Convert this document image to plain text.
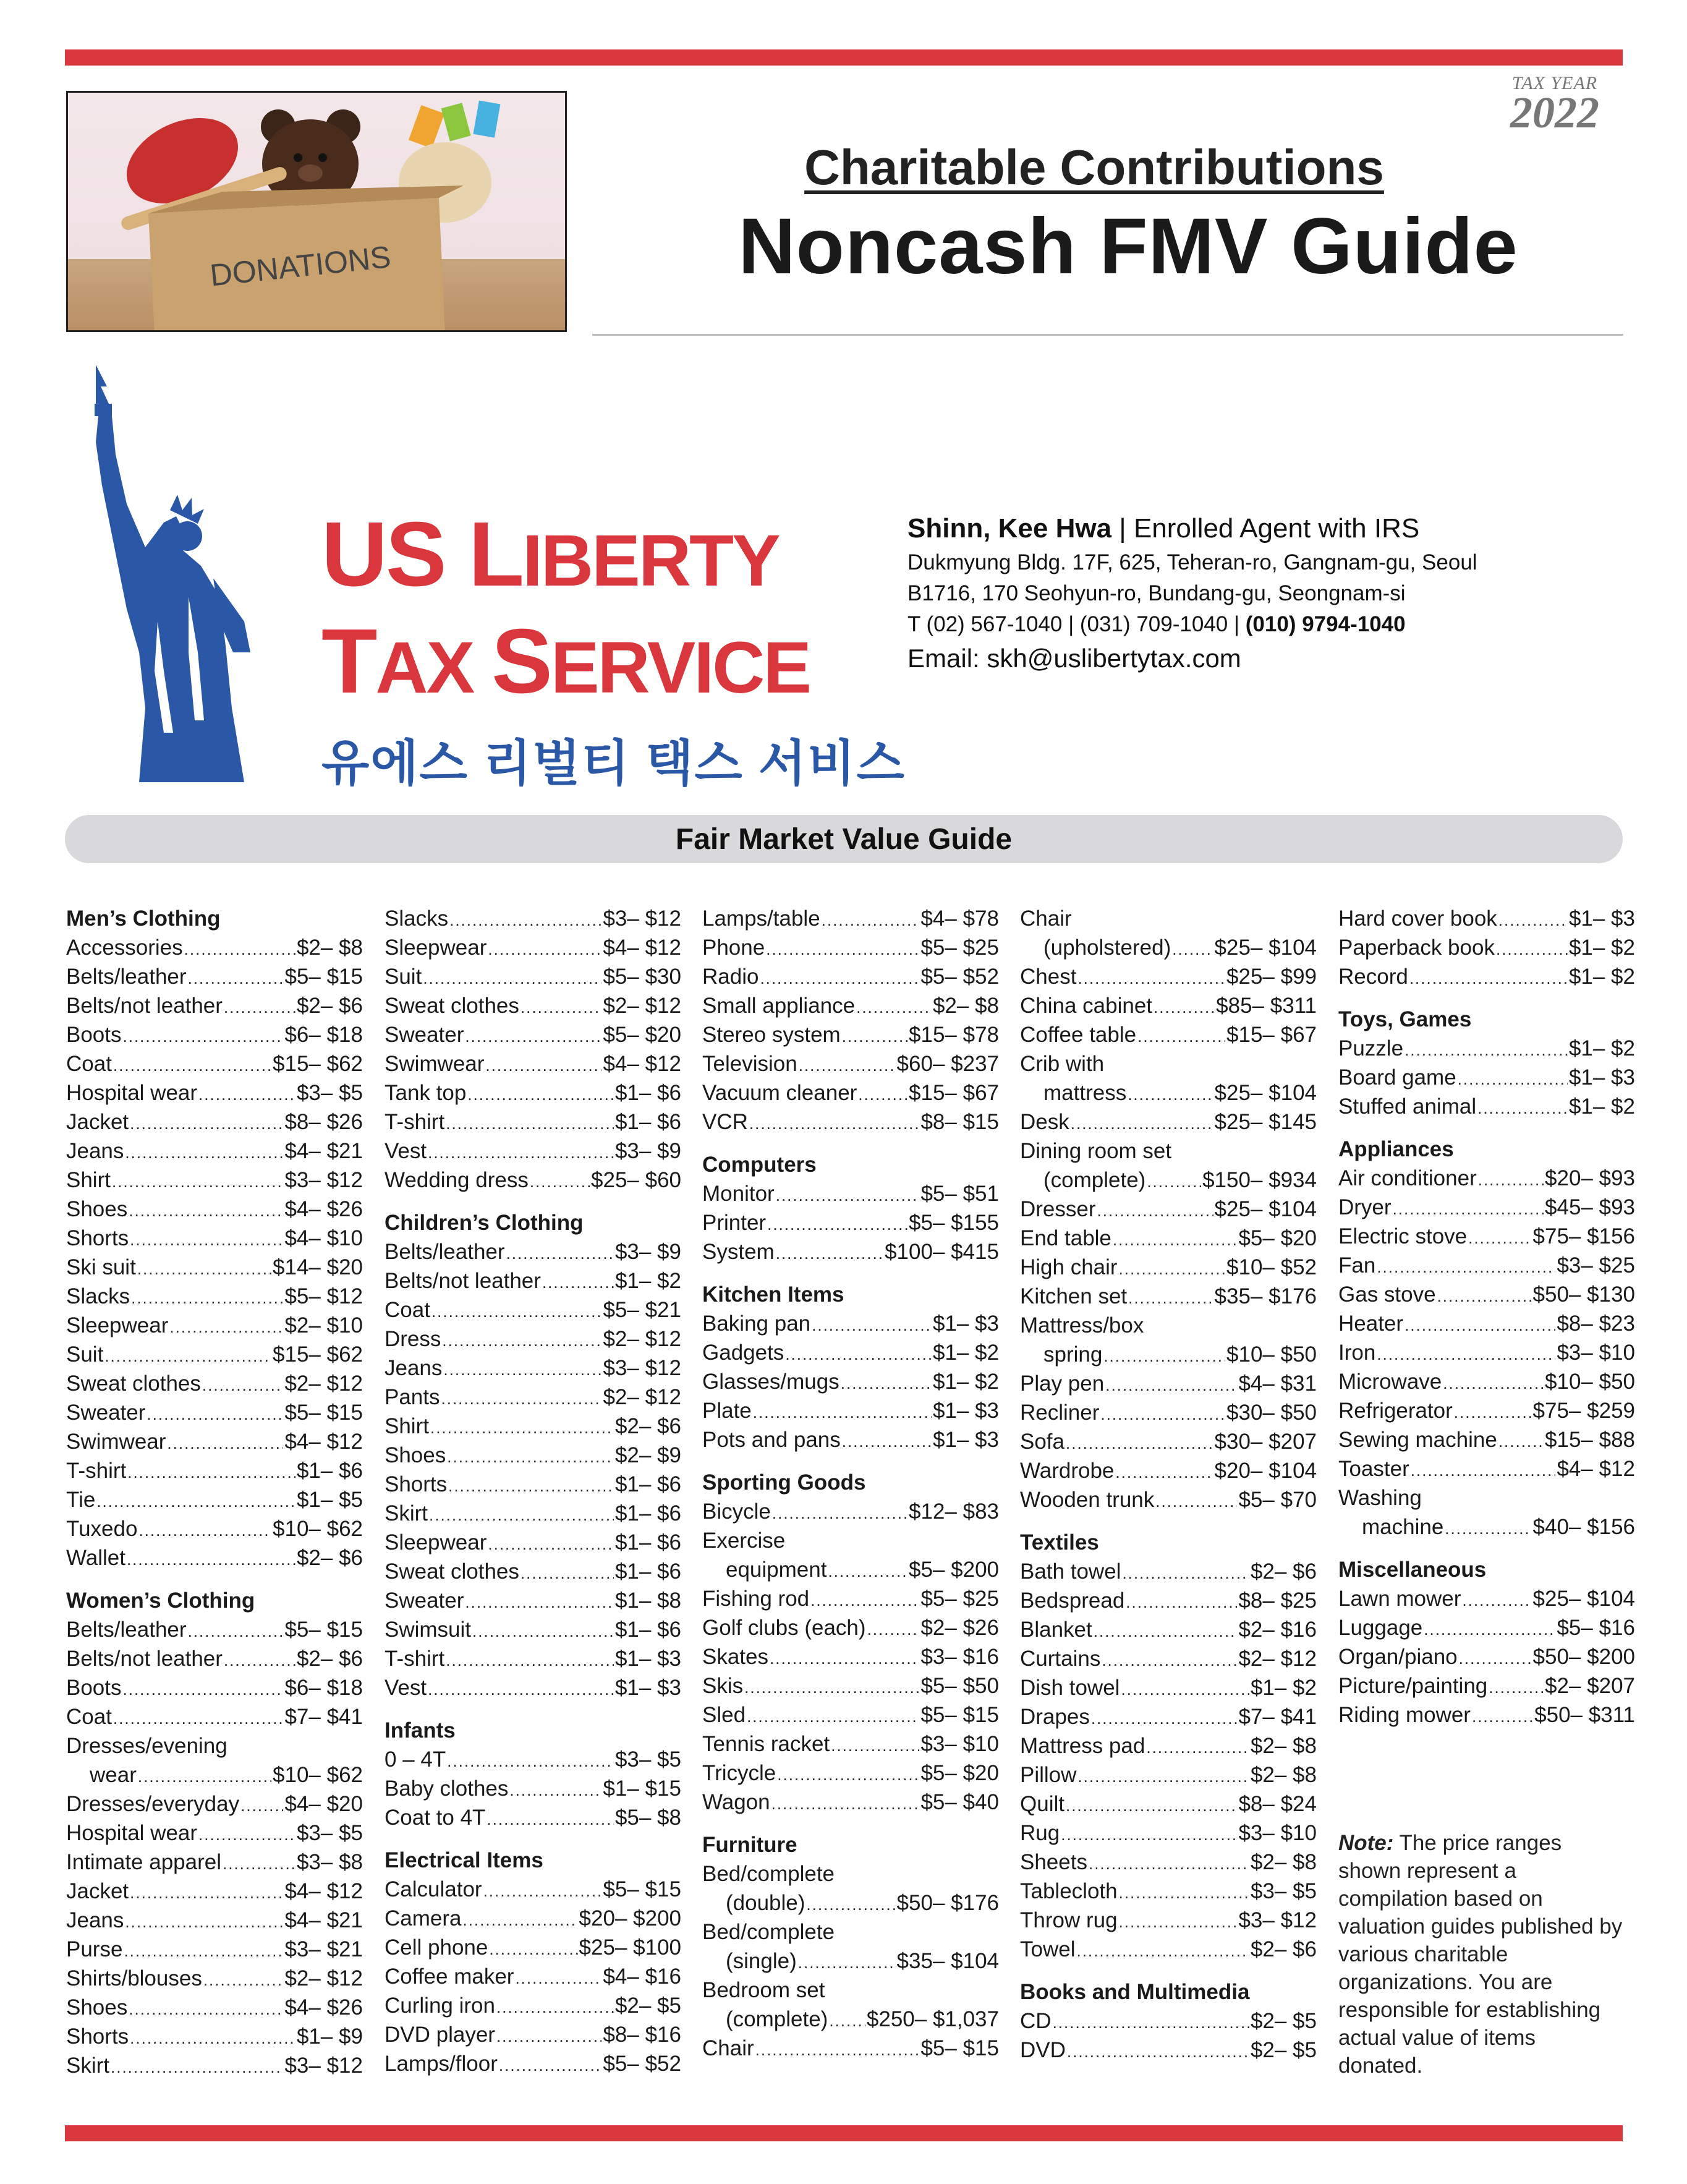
DONATIONS
TAX YEAR
2022
Charitable Contributions
Noncash FMV Guide
US LIBERTY
TAX SERVICE
유에스 리벌티 택스 서비스
Shinn, Kee Hwa | Enrolled Agent with IRS
Dukmyung Bldg. 17F, 625, Teheran-ro, Gangnam-gu, Seoul
B1716, 170 Seohyun-ro, Bundang-gu, Seongnam-si
T (02) 567-1040 | (031) 709-1040 | (010) 9794-1040
Email: skh@uslibertytax.com
Fair Market Value Guide
Men’s Clothing
Accessories .....	$2– $8
Belts/leather .....	$5– $15
Belts/not leather .....	$2– $6
Boots .....	$6– $18
Coat .....	$15– $62
Hospital wear .....	$3– $5
Jacket .....	$8– $26
Jeans .....	$4– $21
Shirt .....	$3– $12
Shoes .....	$4– $26
Shorts .....	$4– $10
Ski suit .....	$14– $20
Slacks .....	$5– $12
Sleepwear .....	$2– $10
Suit .....	$15– $62
Sweat clothes .....	$2– $12
Sweater .....	$5– $15
Swimwear .....	$4– $12
T-shirt .....	$1– $6
Tie .....	$1– $5
Tuxedo .....	$10– $62
Wallet .....	$2– $6
Women’s Clothing
Belts/leather .....	$5– $15
Belts/not leather .....	$2– $6
Boots .....	$6– $18
Coat .....	$7– $41
Dresses/evening
wear .....	$10– $62
Dresses/everyday ..... $4– $20
Hospital wear .....	$3– $5
Intimate apparel .....	$3– $8
Jacket .....	$4– $12
Jeans .....	$4– $21
Purse .....	$3– $21
Shirts/blouses .....	$2– $12
Shoes .....	$4– $26
Shorts .....	$1– $9
Skirt .....	$3– $12
Slacks .....	$3– $12
Sleepwear .....	$4– $12
Suit .....	$5– $30
Sweat clothes .....	$2– $12
Sweater .....	$5– $20
Swimwear .....	$4– $12
Tank top .....	$1– $6
T-shirt .....	$1– $6
Vest .....	$3– $9
Wedding dress .....	$25– $60
Children’s Clothing
Belts/leather .....	$3– $9
Belts/not leather .....	$1– $2
Coat .....	$5– $21
Dress .....	$2– $12
Jeans .....	$3– $12
Pants .....	$2– $12
Shirt .....	$2– $6
Shoes .....	$2– $9
Shorts .....	$1– $6
Skirt .....	$1– $6
Sleepwear .....	$1– $6
Sweat clothes .....	$1– $6
Sweater .....	$1– $8
Swimsuit .....	$1– $6
T-shirt .....	$1– $3
Vest .....	$1– $3
Infants
0 – 4T .....	$3– $5
Baby clothes .....	$1– $15
Coat to 4T .....	$5– $8
Electrical Items
Calculator .....	$5– $15
Camera .....	$20– $200
Cell phone .....	$25– $100
Coffee maker .....	$4– $16
Curling iron .....	$2– $5
DVD player .....	$8– $16
Lamps/floor .....	$5– $52
Lamps/table .....	$4– $78
Phone .....	$5– $25
Radio .....	$5– $52
Small appliance .....	$2– $8
Stereo system .....	$15– $78
Television .....	$60– $237
Vacuum cleaner ..... $15– $67
VCR .....	$8– $15
Computers
Monitor .....	$5– $51
Printer .....	$5– $155
System .....	$100– $415
Kitchen Items
Baking pan .....	$1– $3
Gadgets .....	$1– $2
Glasses/mugs .....	$1– $2
Plate .....	$1– $3
Pots and pans .....	$1– $3
Sporting Goods
Bicycle .....	$12– $83
Exercise
equipment .....	$5– $200
Fishing rod .....	$5– $25
Golf clubs (each) .....	$2– $26
Skates .....	$3– $16
Skis .....	$5– $50
Sled .....	$5– $15
Tennis racket .....	$3– $10
Tricycle .....	$5– $20
Wagon .....	$5– $40
Furniture
Bed/complete
(double) .....	$50– $176
Bed/complete
(single) .....	$35– $104
Bedroom set
(complete) ..... $250– $1,037
Chair .....	$5– $15
Chair
(upholstered) ..... $25– $104
Chest .....	$25– $99
China cabinet .....	$85– $311
Coffee table .....	$15– $67
Crib with
mattress .....	$25– $104
Desk .....	$25– $145
Dining room set
(complete) .....	$150– $934
Dresser .....	$25– $104
End table .....	$5– $20
High chair .....	$10– $52
Kitchen set .....	$35– $176
Mattress/box
spring .....	$10– $50
Play pen .....	$4– $31
Recliner .....	$30– $50
Sofa .....	$30– $207
Wardrobe .....	$20– $104
Wooden trunk .....	$5– $70
Textiles
Bath towel .....	$2– $6
Bedspread .....	$8– $25
Blanket .....	$2– $16
Curtains .....	$2– $12
Dish towel .....	$1– $2
Drapes .....	$7– $41
Mattress pad .....	$2– $8
Pillow .....	$2– $8
Quilt .....	$8– $24
Rug .....	$3– $10
Sheets .....	$2– $8
Tablecloth .....	$3– $5
Throw rug .....	$3– $12
Towel .....	$2– $6
Books and Multimedia
CD .....	$2– $5
DVD .....	$2– $5
Hard cover book .....	$1– $3
Paperback book .....	$1– $2
Record .....	$1– $2
Toys, Games
Puzzle .....	$1– $2
Board game .....	$1– $3
Stuffed animal .....	$1– $2
Appliances
Air conditioner .....	$20– $93
Dryer .....	$45– $93
Electric stove .....	$75– $156
Fan .....	$3– $25
Gas stove .....	$50– $130
Heater .....	$8– $23
Iron .....	$3– $10
Microwave .....	$10– $50
Refrigerator .....	$75– $259
Sewing machine ..... $15– $88
Toaster .....	$4– $12
Washing
machine .....	$40– $156
Miscellaneous
Lawn mower .....	$25– $104
Luggage .....	$5– $16
Organ/piano .....	$50– $200
Picture/painting .....	$2– $207
Riding mower .....	$50– $311
Note: The price ranges shown represent a compilation based on valuation guides published by various charitable organizations. You are responsible for establishing actual value of items donated.
